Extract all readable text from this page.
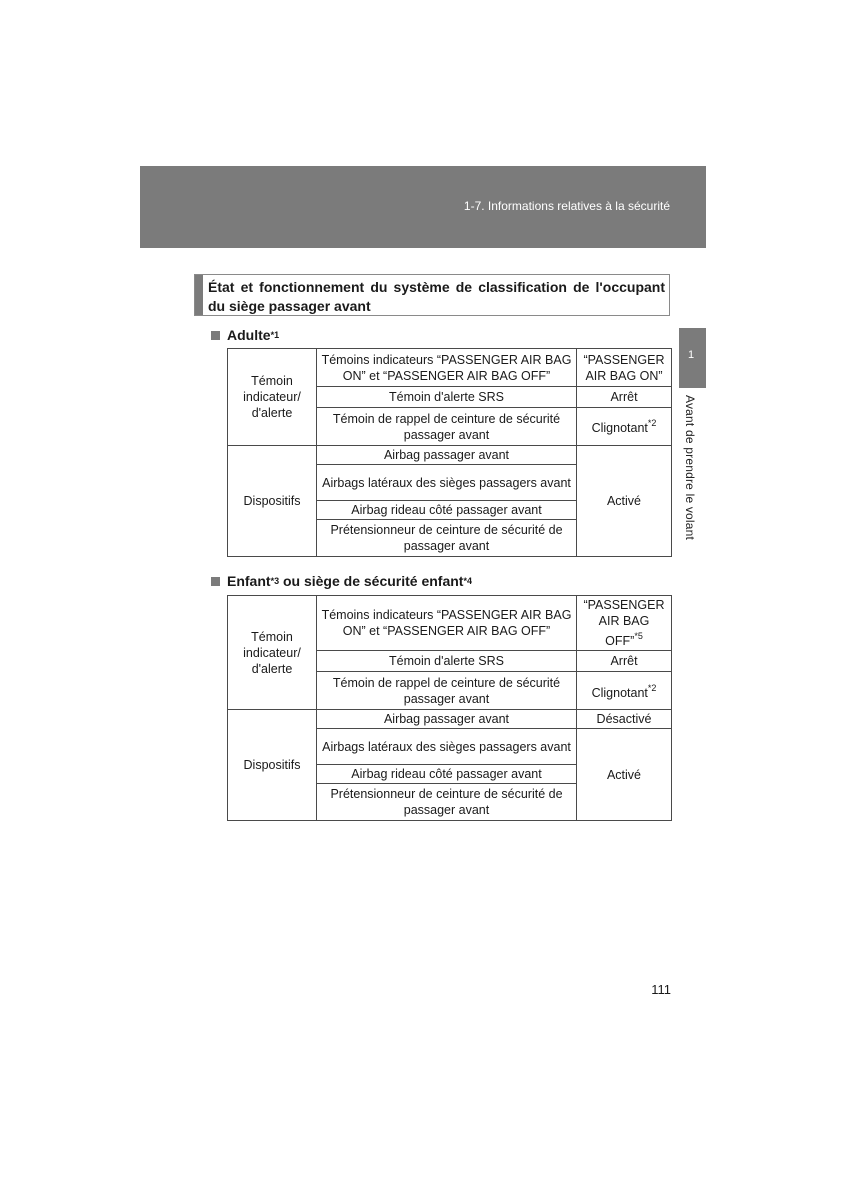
1-7. Informations relatives à la sécurité
1
Avant de prendre le volant
État et fonctionnement du système de classification de l'occupant du siège passager avant
Adulte$^{*1}$
Témoin indicateur/ d'alerte	Témoins indicateurs “PASSENGER AIR BAG ON” et “PASSENGER AIR BAG OFF”	“PASSENGER AIR BAG ON”
	Témoin d'alerte SRS	Arrêt
	Témoin de rappel de ceinture de sécurité passager avant	Clignotant$^{*2}$
Dispositifs	Airbag passager avant	Activé
	Airbags latéraux des sièges passagers avant	
	Airbag rideau côté passager avant	
	Prétensionneur de ceinture de sécurité de passager avant	
Enfant$^{*3}$ ou siège de sécurité enfant$^{*4}$
Témoin indicateur/ d'alerte	Témoins indicateurs “PASSENGER AIR BAG ON” et “PASSENGER AIR BAG OFF”	“PASSENGER AIR BAG OFF”$^{*5}$
	Témoin d'alerte SRS	Arrêt
	Témoin de rappel de ceinture de sécurité passager avant	Clignotant$^{*2}$
Dispositifs	Airbag passager avant	Désactivé
	Airbags latéraux des sièges passagers avant	Activé
	Airbag rideau côté passager avant	
	Prétensionneur de ceinture de sécurité de passager avant	
111
